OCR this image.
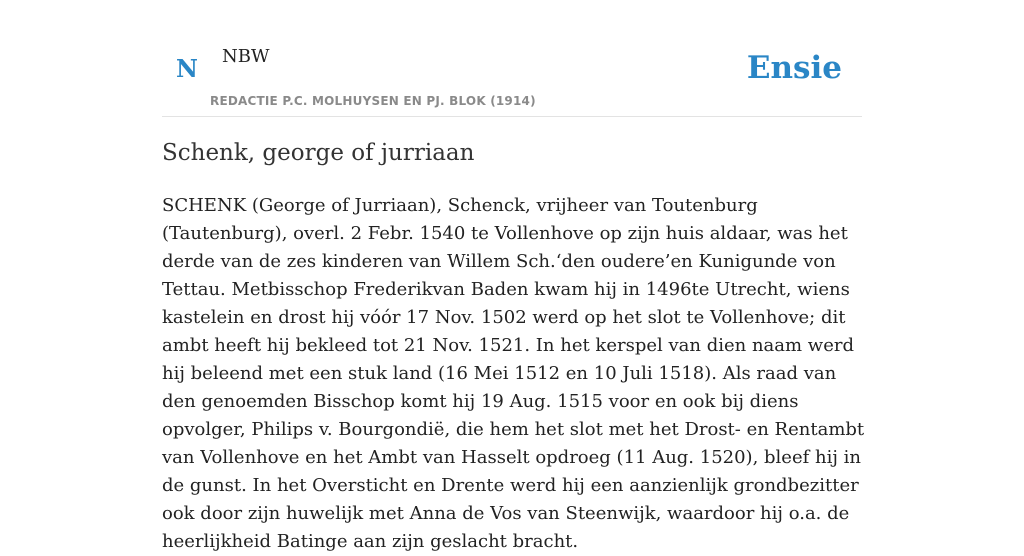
N NBW
REDACTIE P.C. MOLHUYSEN EN PJ. BLOK (1914)
Ensie
Schenk, george of jurriaan

SCHENK (George of Jurriaan), Schenck, vrijheer van Toutenburg (Tautenburg), overl. 2 Febr. 1540 te Vollenhove op zijn huis aldaar, was het derde van de zes kinderen van Willem Sch.‘den oudere’en Kunigunde von Tettau. Metbisschop Frederikvan Baden kwam hij in 1496te Utrecht, wiens kastelein en drost hij vóór 17 Nov. 1502 werd op het slot te Vollenhove; dit ambt heeft hij bekleed tot 21 Nov. 1521. In het kerspel van dien naam werd hij beleend met een stuk land (16 Mei 1512 en 10 Juli 1518). Als raad van den genoemden Bisschop komt hij 19 Aug. 1515 voor en ook bij diens opvolger, Philips v. Bourgondië, die hem het slot met het Drost- en Rentambt van Vollenhove en het Ambt van Hasselt opdroeg (11 Aug. 1520), bleef hij in de gunst. In het Oversticht en Drente werd hij een aanzienlijk grondbezitter ook door zijn huwelijk met Anna de Vos van Steenwijk, waardoor hij o.a. de heerlijkheid Batinge aan zijn geslacht bracht.
